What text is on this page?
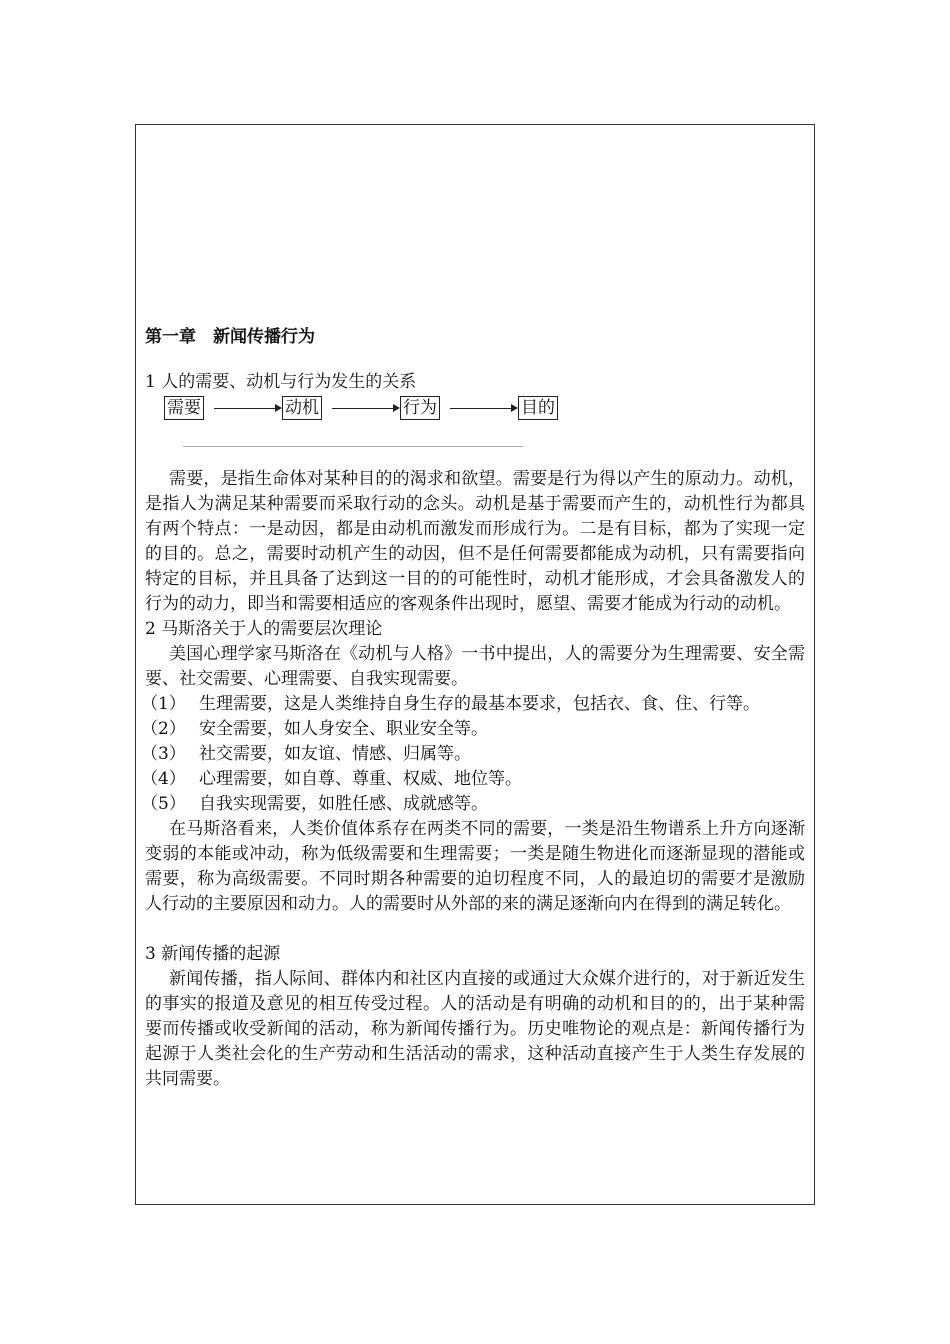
第一章　新闻传播行为

1 人的需要、动机与行为发生的关系

需要	动机	行为	目的

需要，是指生命体对某种目的的渴求和欲望。需要是行为得以产生的原动力。动机，是指人为满足某种需要而采取行动的念头。动机是基于需要而产生的，动机性行为都具有两个特点：一是动因，都是由动机而激发而形成行为。二是有目标，都为了实现一定的目的。总之，需要时动机产生的动因，但不是任何需要都能成为动机，只有需要指向特定的目标，并且具备了达到这一目的的可能性时，动机才能形成，才会具备激发人的行为的动力，即当和需要相适应的客观条件出现时，愿望、需要才能成为行动的动机。

2 马斯洛关于人的需要层次理论

美国心理学家马斯洛在《动机与人格》一书中提出，人的需要分为生理需要、安全需要、社交需要、心理需要、自我实现需要。

（1） 生理需要，这是人类维持自身生存的最基本要求，包括衣、食、住、行等。
（2） 安全需要，如人身安全、职业安全等。
（3） 社交需要，如友谊、情感、归属等。
（4） 心理需要，如自尊、尊重、权威、地位等。
（5） 自我实现需要，如胜任感、成就感等。

在马斯洛看来，人类价值体系存在两类不同的需要，一类是沿生物谱系上升方向逐渐变弱的本能或冲动，称为低级需要和生理需要；一类是随生物进化而逐渐显现的潜能或需要，称为高级需要。不同时期各种需要的迫切程度不同，人的最迫切的需要才是激励人行动的主要原因和动力。人的需要时从外部的来的满足逐渐向内在得到的满足转化。

3 新闻传播的起源

新闻传播，指人际间、群体内和社区内直接的或通过大众媒介进行的，对于新近发生的事实的报道及意见的相互传受过程。人的活动是有明确的动机和目的的，出于某种需要而传播或收受新闻的活动，称为新闻传播行为。历史唯物论的观点是：新闻传播行为起源于人类社会化的生产劳动和生活活动的需求，这种活动直接产生于人类生存发展的共同需要。
